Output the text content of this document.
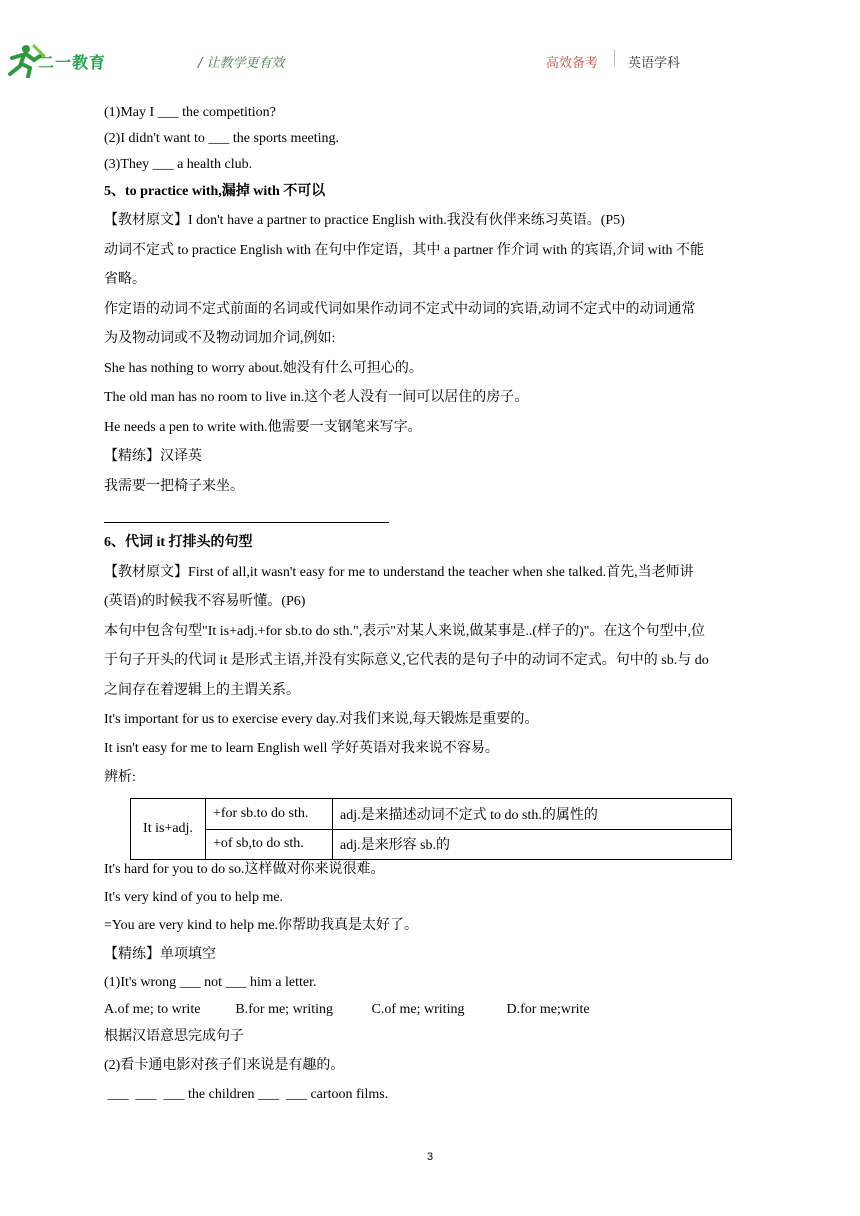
二一教育	/ 让教学更有效	高效备考 英语学科
(1)May I ___ the competition?
(2)I didn't want to ___ the sports meeting.
(3)They ___ a health club.
5、to practice with,漏掉 with 不可以
【教材原文】I don't have a partner to practice English with.我没有伙伴来练习英语。(P5)
动词不定式 to practice English with 在句中作定语，其中 a partner 作介词 with 的宾语,介词 with 不能
省略。
作定语的动词不定式前面的名词或代词如果作动词不定式中动词的宾语,动词不定式中的动词通常
为及物动词或不及物动词加介词,例如:
She has nothing to worry about.她没有什么可担心的。
The old man has no room to live in.这个老人没有一间可以居住的房子。
He needs a pen to write with.他需要一支钢笔来写字。
【精练】汉译英
我需要一把椅子来坐。
6、代词 it 打排头的句型
【教材原文】First of all,it wasn't easy for me to understand the teacher when she talked.首先,当老师讲
(英语)的时候我不容易听懂。(P6)
本句中包含句型"It is+adj.+for sb.to do sth.",表示"对某人来说,做某事是..(样子的)"。在这个句型中,位
于句子开头的代词 it 是形式主语,并没有实际意义,它代表的是句子中的动词不定式。句中的 sb.与 do
之间存在着逻辑上的主谓关系。
It's important for us to exercise every day.对我们来说,每天锻炼是重要的。
It isn't easy for me to learn English well 学好英语对我来说不容易。
辨析:
It is+adj.	+for sb.to do sth.	adj.是来描述动词不定式 to do sth.的属性的
	+of sb,to do sth.	adj.是来形容 sb.的
It's hard for you to do so.这样做对你来说很难。
It's very kind of you to help me.
=You are very kind to help me.你帮助我真是太好了。
【精练】单项填空
(1)It's wrong ___ not ___ him a letter.
A.of me; to write          B.for me; writing           C.of me; writing            D.for me;write
根据汉语意思完成句子
(2)看卡通电影对孩子们来说是有趣的。
___  ___  ___ the children ___  ___ cartoon films.
3
